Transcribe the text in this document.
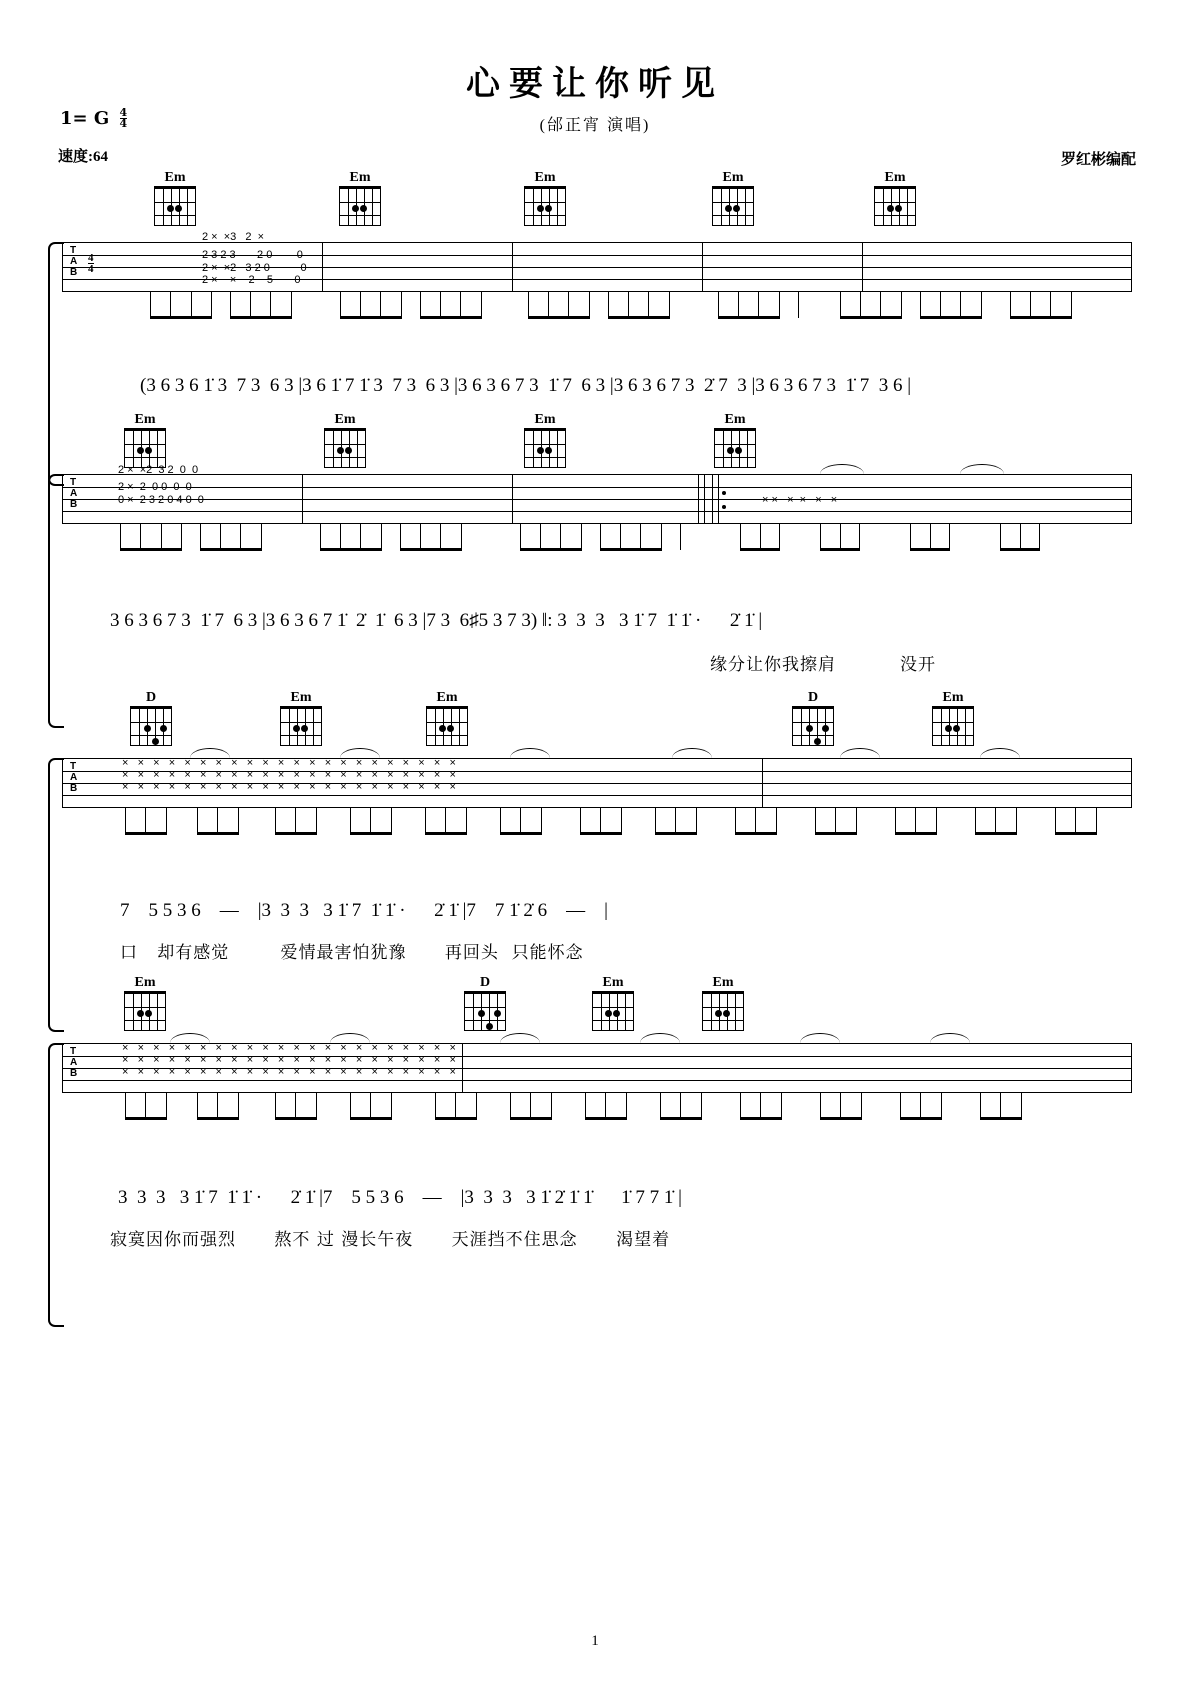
心要让你听见
(邰正宵 演唱)
1= G $\frac{4}{4}$
速度:64	罗红彬编配
Em	Em	Em	Em	Em
T
A
B $\frac{4}{4}$
2 ×  ×3   2  ×
2 3 2 3       2 0        0
2 ×  ×2   3 2 0          0
2 ×    ×    2    5       0
(3 6 3 6 1̇ 3  7 3  6 3 |3 6 1̇ 7 1̇ 3  7 3  6 3 |3 6 3 6 7 3  1̇ 7  6 3 |3 6 3 6 7 3  2̇ 7  3 |3 6 3 6 7 3  1̇ 7  3 6 |
Em	Em	Em	Em
T
A
B
2 ×  ×2  3 2  0  0
2 ×  2  0 0  0  0
0 ×  2 3 2 0 4 0  0	× ×   ×  ×   ×   ×
3 6 3 6 7 3  1̇ 7  6 3 |3 6 3 6 7 1̇  2̇  1̇  6 3 |7 3  6♯5 3 7 3) ‖: 3  3  3   3 1̇ 7  1̇ 1̇ ·      2̇ 1̇ |
缘分让你我擦肩          没开
D	Em	Em	D	Em
T
A
B
×   ×   ×   ×   ×   ×   ×   ×   ×   ×   ×   ×   ×   ×   ×   ×   ×   ×   ×   ×   ×   ×
×   ×   ×   ×   ×   ×   ×   ×   ×   ×   ×   ×   ×   ×   ×   ×   ×   ×   ×   ×   ×   ×
×   ×   ×   ×   ×   ×   ×   ×   ×   ×   ×   ×   ×   ×   ×   ×   ×   ×   ×   ×   ×   ×
7    5 5 3 6    —    |3  3  3   3 1̇ 7  1̇ 1̇ ·      2̇ 1̇ |7    7 1̇ 2̇ 6    —    |
口   却有感觉        爱情最害怕犹豫      再回头  只能怀念
Em	D	Em	Em
T
A
B
×   ×   ×   ×   ×   ×   ×   ×   ×   ×   ×   ×   ×   ×   ×   ×   ×   ×   ×   ×   ×   ×
×   ×   ×   ×   ×   ×   ×   ×   ×   ×   ×   ×   ×   ×   ×   ×   ×   ×   ×   ×   ×   ×
×   ×   ×   ×   ×   ×   ×   ×   ×   ×   ×   ×   ×   ×   ×   ×   ×   ×   ×   ×   ×   ×
3  3  3   3 1̇ 7  1̇ 1̇ ·      2̇ 1̇ |7    5 5 3 6    —    |3  3  3   3 1̇ 2̇ 1̇ 1̇      1̇ 7 7 1̇ |
寂寞因你而强烈      熬不 过 漫长午夜      天涯挡不住思念      渴望着
1
